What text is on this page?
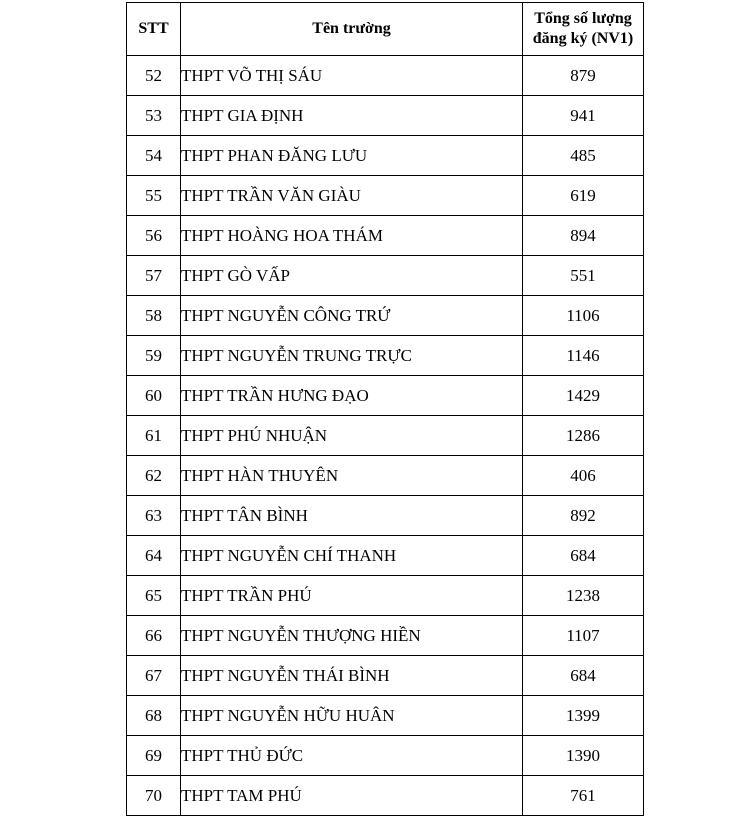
STT	Tên trường	Tổng số lượng
đăng ký (NV1)

52	THPT VÕ THỊ SÁU	879
53	THPT GIA ĐỊNH	941
54	THPT PHAN ĐĂNG LƯU	485
55	THPT TRẦN VĂN GIÀU	619
56	THPT HOÀNG HOA THÁM	894
57	THPT GÒ VẤP	551
58	THPT NGUYỄN CÔNG TRỨ	1106
59	THPT NGUYỄN TRUNG TRỰC	1146
60	THPT TRẦN HƯNG ĐẠO	1429
61	THPT PHÚ NHUẬN	1286
62	THPT HÀN THUYÊN	406
63	THPT TÂN BÌNH	892
64	THPT NGUYỄN CHÍ THANH	684
65	THPT TRẦN PHÚ	1238
66	THPT NGUYỄN THƯỢNG HIỀN	1107
67	THPT NGUYỄN THÁI BÌNH	684
68	THPT NGUYỄN HỮU HUÂN	1399
69	THPT THỦ ĐỨC	1390
70	THPT TAM PHÚ	761
